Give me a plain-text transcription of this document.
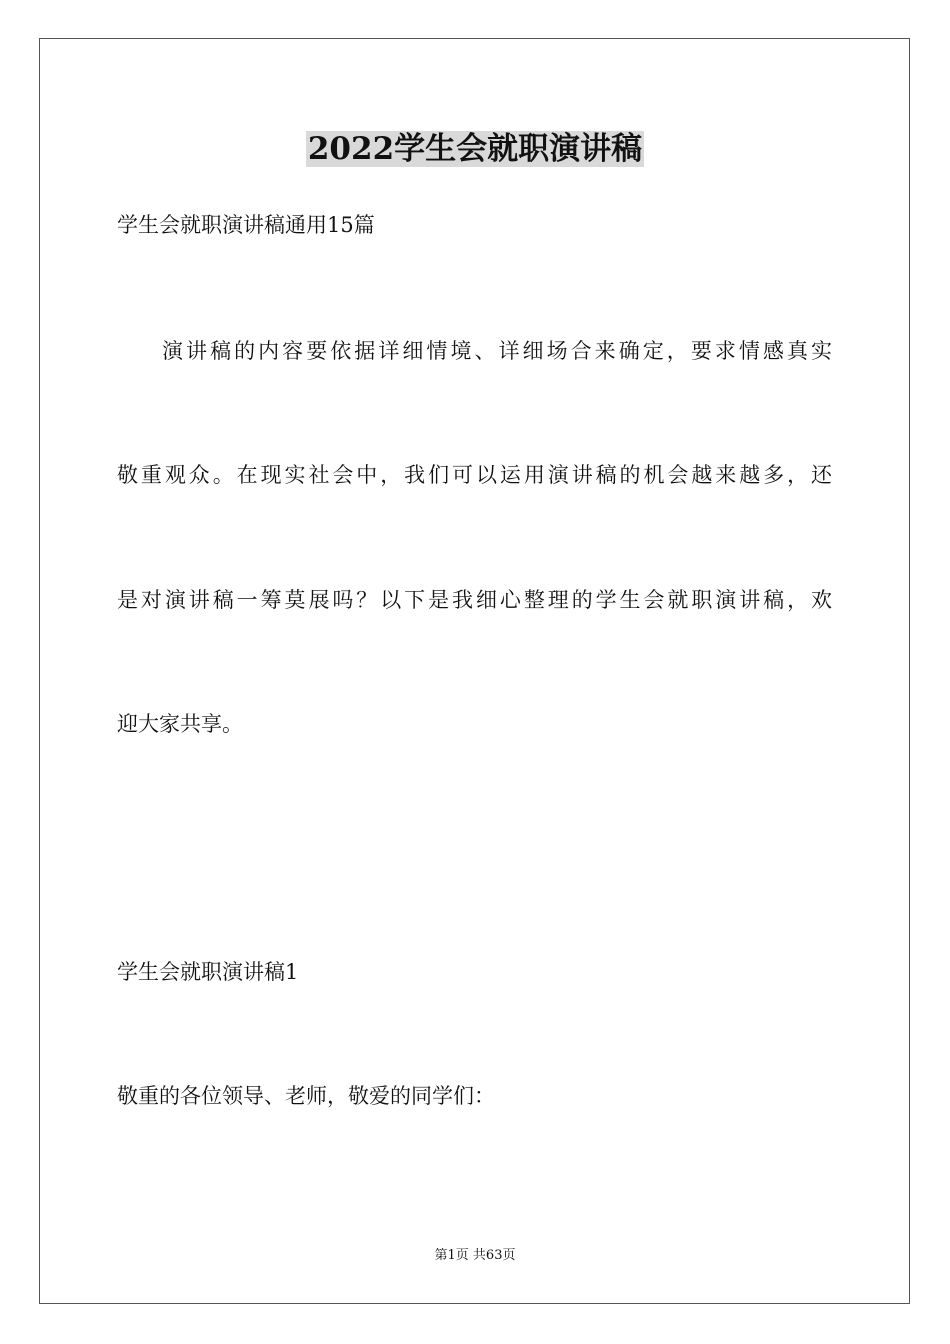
2022学生会就职演讲稿
学生会就职演讲稿通用15篇
演讲稿的内容要依据详细情境、详细场合来确定，要求情感真实
敬重观众。在现实社会中，我们可以运用演讲稿的机会越来越多，还
是对演讲稿一筹莫展吗？以下是我细心整理的学生会就职演讲稿，欢
迎大家共享。
学生会就职演讲稿1
敬重的各位领导、老师，敬爱的同学们：
第1页 共63页
